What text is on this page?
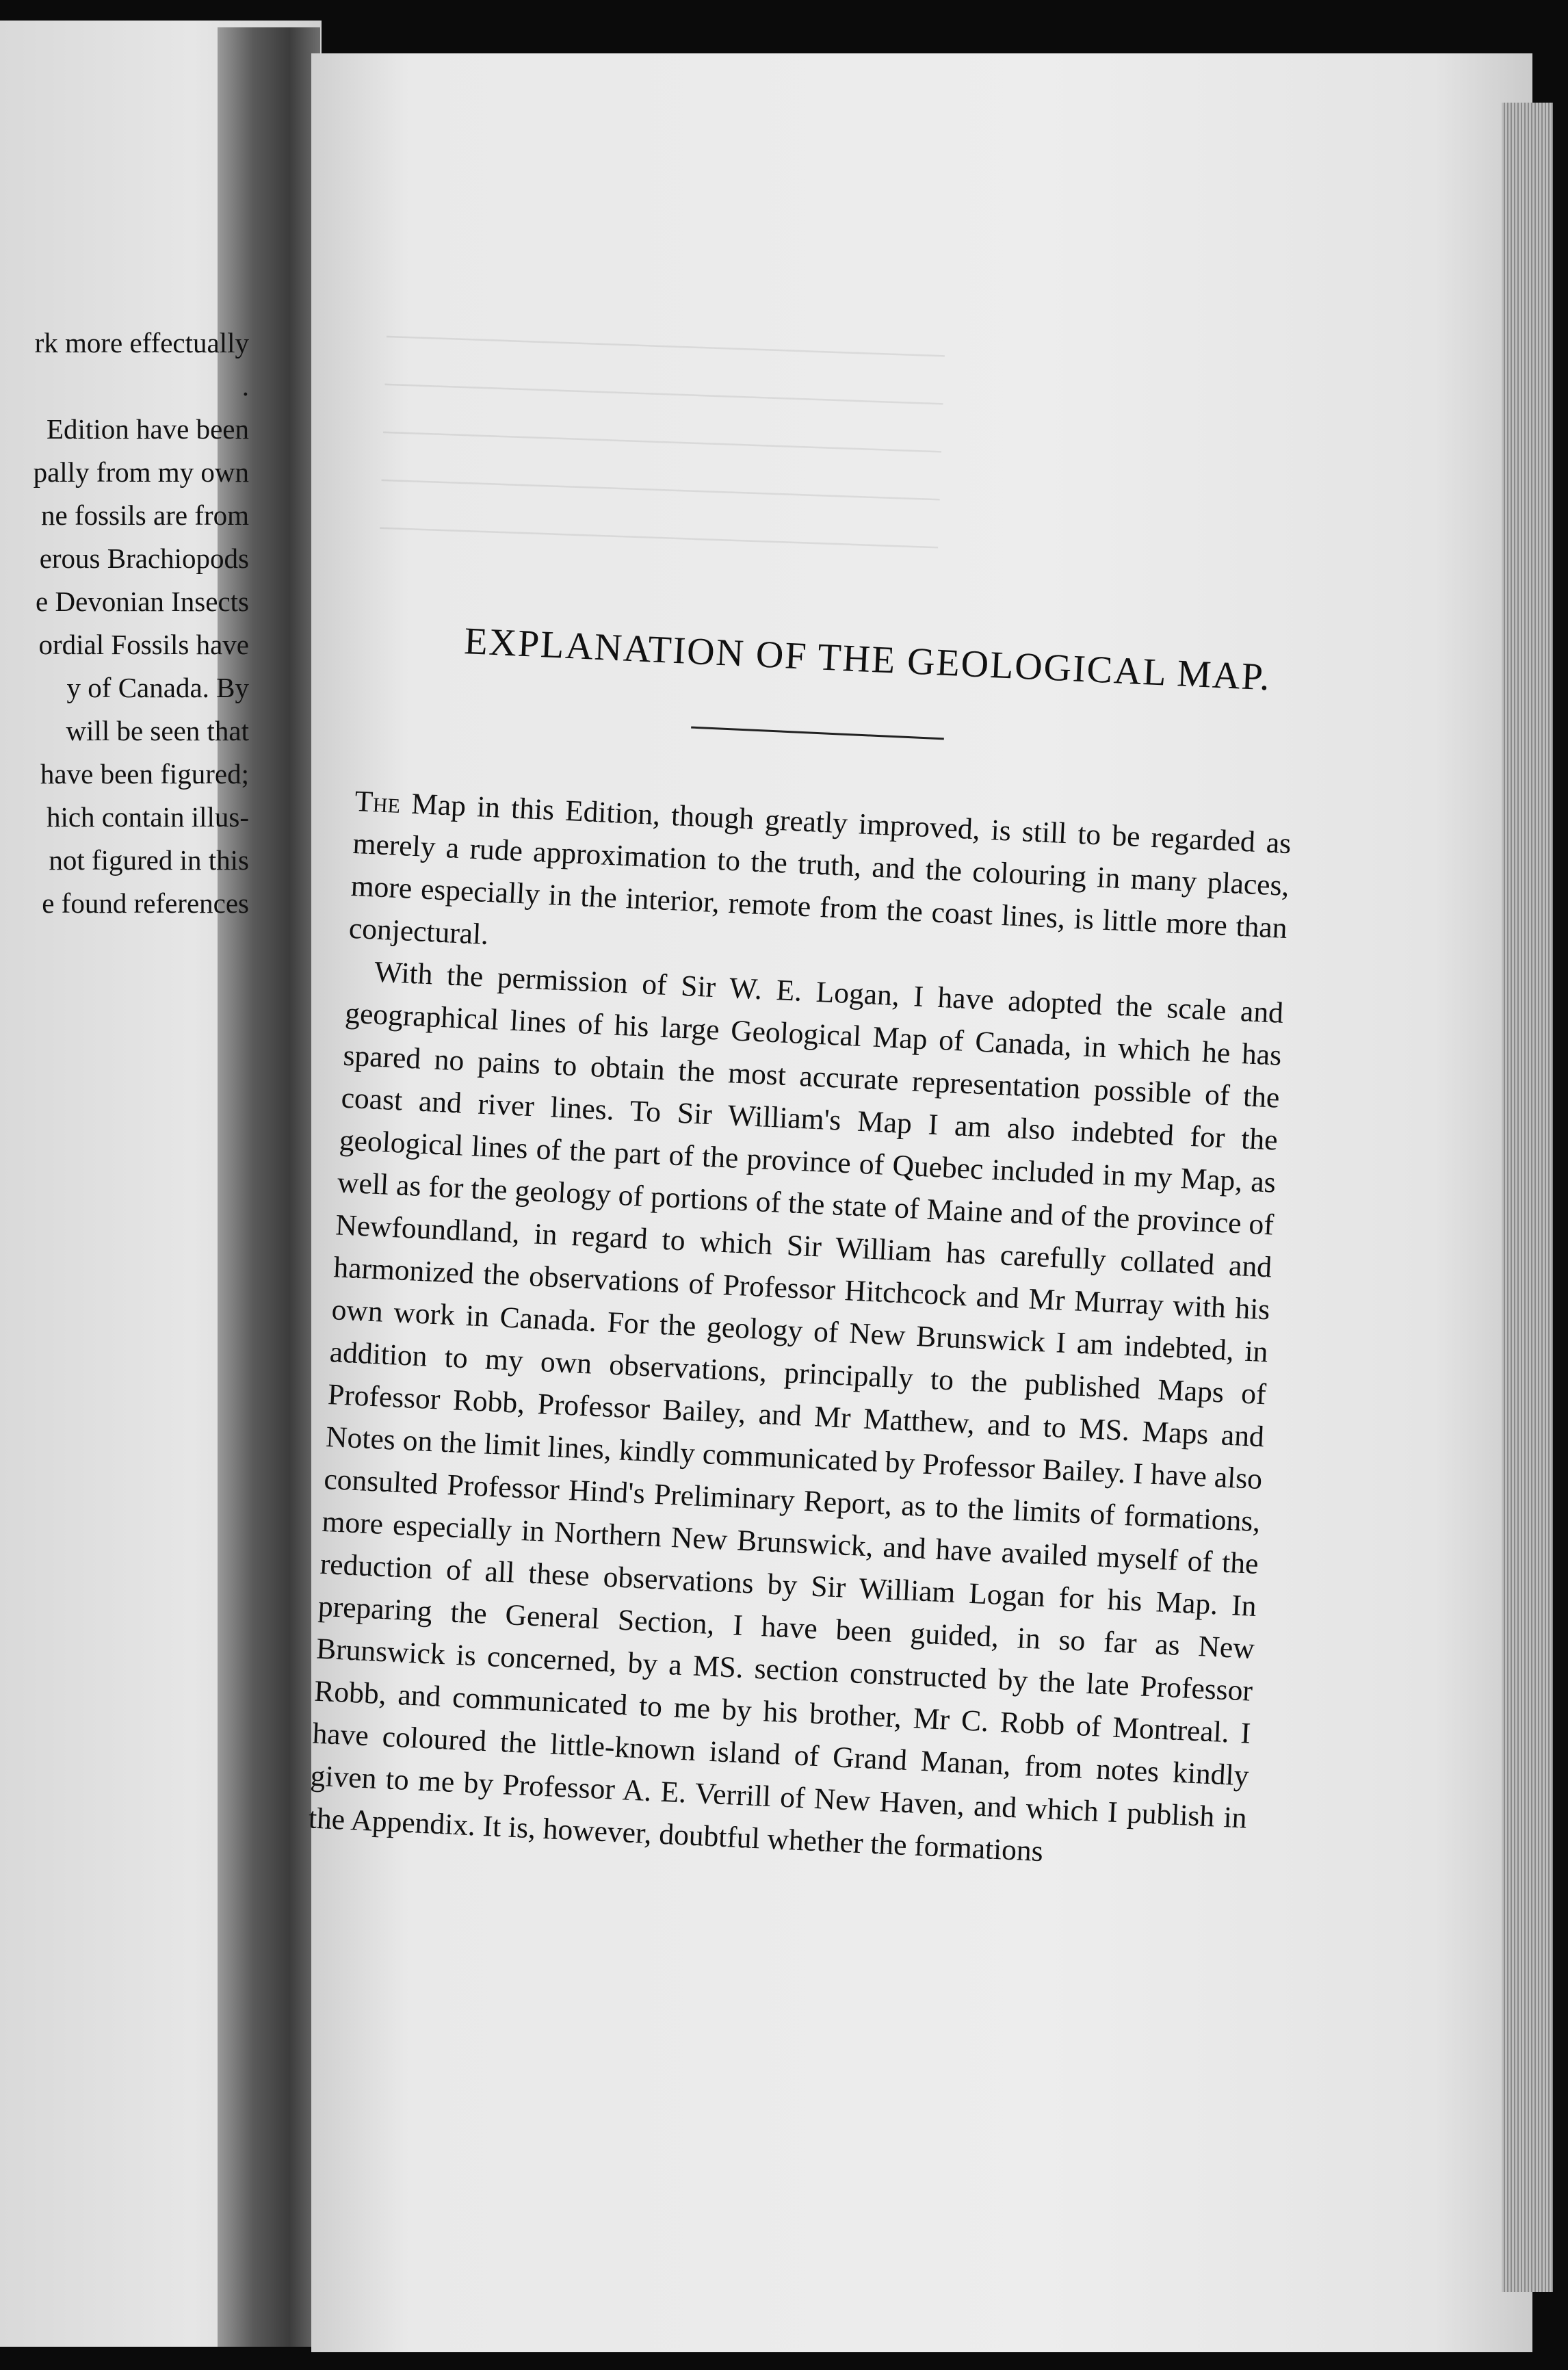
rk more effectually
.
Edition have been
pally from my own
ne fossils are from
erous Brachiopods
e Devonian Insects
ordial Fossils have
y of Canada. By
will be seen that
have been figured;
hich contain illus-
not figured in this
e found references
────────────────────────────────
────────────────────────────────
────────────────────────────────
────────────────────────────────
────────────────────────────────
EXPLANATION OF THE GEOLOGICAL MAP.

The Map in this Edition, though greatly improved, is still to be regarded as merely a rude approximation to the truth, and the colouring in many places, more especially in the interior, remote from the coast lines, is little more than conjectural.

With the permission of Sir W. E. Logan, I have adopted the scale and geographical lines of his large Geological Map of Canada, in which he has spared no pains to obtain the most accurate representation possible of the coast and river lines. To Sir William's Map I am also indebted for the geological lines of the part of the province of Quebec included in my Map, as well as for the geology of portions of the state of Maine and of the province of Newfoundland, in regard to which Sir William has carefully collated and harmonized the observations of Professor Hitchcock and Mr Murray with his own work in Canada. For the geology of New Brunswick I am indebted, in addition to my own observations, principally to the published Maps of Professor Robb, Professor Bailey, and Mr Matthew, and to MS. Maps and Notes on the limit lines, kindly communicated by Professor Bailey. I have also consulted Professor Hind's Preliminary Report, as to the limits of formations, more especially in Northern New Brunswick, and have availed myself of the reduction of all these observations by Sir William Logan for his Map. In preparing the General Section, I have been guided, in so far as New Brunswick is concerned, by a MS. section constructed by the late Professor Robb, and communicated to me by his brother, Mr C. Robb of Montreal. I have coloured the little-known island of Grand Manan, from notes kindly given to me by Professor A. E. Verrill of New Haven, and which I publish in the Appendix. It is, however, doubtful whether the formations
